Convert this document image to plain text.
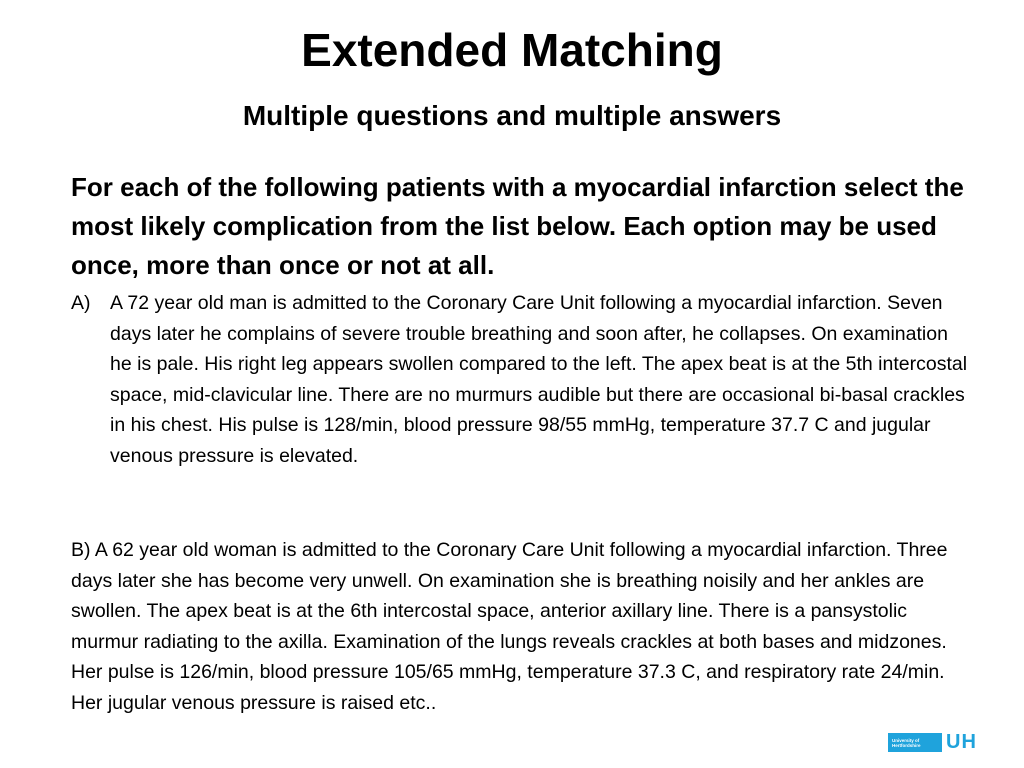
Extended Matching
Multiple questions and multiple answers

For each of the following patients with a myocardial infarction select the most likely complication from the list below. Each option may be used once, more than once or not at all.

A)	A 72 year old man is admitted to the Coronary Care Unit following a myocardial infarction. Seven days later he complains of severe trouble breathing and soon after, he collapses. On examination he is pale. His right leg appears swollen compared to the left. The apex beat is at the 5th intercostal space, mid-clavicular line. There are no murmurs audible but there are occasional bi-basal crackles in his chest. His pulse is 128/min, blood pressure 98/55 mmHg, temperature 37.7 C and jugular venous pressure is elevated.

B) A 62 year old woman is admitted to the Coronary Care Unit following a myocardial infarction. Three days later she has become very unwell. On examination she is breathing noisily and her ankles are swollen. The apex beat is at the 6th intercostal space, anterior axillary line. There is a pansystolic murmur radiating to the axilla. Examination of the lungs reveals crackles at both bases and midzones. Her pulse is 126/min, blood pressure 105/65 mmHg, temperature 37.3 C, and respiratory rate 24/min. Her jugular venous pressure is raised etc..

University of
Hertfordshire	UH
